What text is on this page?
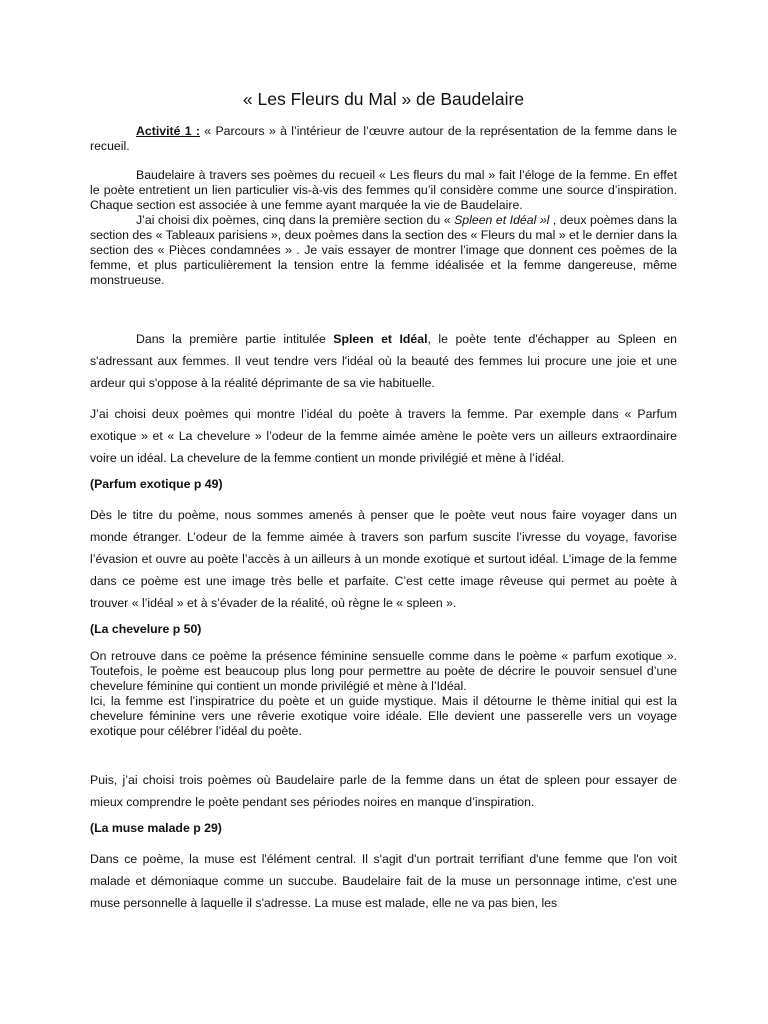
« Les Fleurs du Mal » de Baudelaire

Activité 1 : « Parcours » à l’intérieur de l’œuvre autour de la représentation de la femme dans le recueil.

Baudelaire à travers ses poèmes du recueil « Les fleurs du mal » fait l’éloge de la femme. En effet le poète entretient un lien particulier vis-à-vis des femmes qu’il considère comme une source d’inspiration. Chaque section est associée à une femme ayant marquée la vie de Baudelaire.

J’ai choisi dix poèmes, cinq dans la première section du « Spleen et Idéal »l , deux poèmes dans la section des « Tableaux parisiens », deux poèmes dans la section des « Fleurs du mal » et le dernier dans la section des « Pièces condamnées » . Je vais essayer de montrer l’image que donnent ces poèmes de la femme, et plus particulièrement la tension entre la femme idéalisée et la femme dangereuse, même monstrueuse.

Dans la première partie intitulée Spleen et Idéal, le poète tente d'échapper au Spleen en s'adressant aux femmes. Il veut tendre vers l'idéal où la beauté des femmes lui procure une joie et une ardeur qui s'oppose à la réalité déprimante de sa vie habituelle.

J’ai choisi deux poèmes qui montre l’idéal du poète à travers la femme. Par exemple dans « Parfum exotique » et « La chevelure » l’odeur de la femme aimée amène le poète vers un ailleurs extraordinaire voire un idéal. La chevelure de la femme contient un monde privilégié et mène à l’idéal.

(Parfum exotique p 49)

Dès le titre du poème, nous sommes amenés à penser que le poète veut nous faire voyager dans un monde étranger. L’odeur de la femme aimée à travers son parfum suscite l’ivresse du voyage, favorise l’évasion et ouvre au poète l’accès à un ailleurs à un monde exotique et surtout idéal. L’image de la femme dans ce poème est une image très belle et parfaite. C’est cette image rêveuse qui permet au poète à trouver « l’idéal » et à s’évader de la réalité, où règne le « spleen ».

(La chevelure p 50)

On retrouve dans ce poème la présence féminine sensuelle comme dans le poème « parfum exotique ». Toutefois, le poème est beaucoup plus long pour permettre au poète de décrire le pouvoir sensuel d’une chevelure féminine qui contient un monde privilégié et mène à l’Idéal.

Ici, la femme est l’inspiratrice du poète et un guide mystique. Mais il détourne le thème initial qui est la chevelure féminine vers une rêverie exotique voire idéale. Elle devient une passerelle vers un voyage exotique pour célébrer l’idéal du poète.

Puis, j’ai choisi trois poèmes où Baudelaire parle de la femme dans un état de spleen pour essayer de mieux comprendre le poète pendant ses périodes noires en manque d’inspiration.

(La muse malade p 29)

Dans ce poème, la muse est l'élément central. Il s'agit d'un portrait terrifiant d'une femme que l'on voit malade et démoniaque comme un succube. Baudelaire fait de la muse un personnage intime, c'est une muse personnelle à laquelle il s'adresse. La muse est malade, elle ne va pas bien, les
